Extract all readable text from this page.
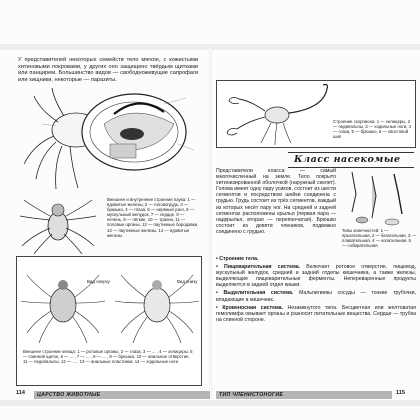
У представителей некоторых семейств тело мягкое, с кожистыми хитиновыми покровами, у других оно защищено твёрдым щитками или панцирем. Большинство видов — свободноживущие сапрофаги или хищники, некоторые — паразиты.

Внешнее и внутреннее строение паука: 1 — ядовитые железы, 2 — головогрудь, 3 — брюшко, 4 — глаза, 5 — нервный узел, 6 — мускульный желудок, 7 — сердце, 8 — печень, 9 — лёгкие, 10 — трахеи, 11 — половые органы, 12 — паутинные бородавки, 13 — паутинные железы, 14 — ядовитые железы

Вид сверху	Вид снизу

Внешнее строение клеща: 1 — ротовые органы, 2 — глаза, 3 — ... , 4 — хелицеры, 5 — спинной щиток, 6 — ... , 7 — ... , 8 — ... , 9 — брюшко, 10 — анальное отверстие, 11 — педипальпы, 12 — ... , 13 — анальные пластинки, 14 — ходильные ноги

114	ЦАРСТВО ЖИВОТНЫЕ

Строение скорпиона: 1 — хелицеры, 2 — педипальпы, 3 — ходильные ноги, 4 — глаза, 5 — брюшко, 6 — хвостовой шип

Класс насекомые

Представители класса — самый многочисленный на земле. Тело покрыто хитинизированной оболочкой (наружный скелет). Голова имеет одну пару усиков, состоит из шести сегментов и посредством шейки соединена с грудью. Грудь состоит из трёх сегментов, каждый из которых несёт пару ног. На средней и задней сегментах расположены крылья (первая пара — надкрылья, вторая — перепончатая). Брюшко состоит из девяти члеников, подвижно соединено с грудью.	Типы конечностей: 1 — прыгательная, 2 — бегательная, 3 — плавательная, 4 — копательная, 5 — собирательная

• Строение тела.

• Пищеварительная система. Включает ротовое отверстие, пищевод, мускульный желудок, средний и задний отделы кишечника, а также железы, выделяющие пищеварительные ферменты. Непереваренные продукты выделяются в задней отдел кишки.

• Выделительная система. Мальпигиевы сосуды — тонкие трубочки, впадающие в кишечник.

• Кровеносная система. Незамкнутого типа. Бесцветная или желтоватая гемолимфа омывает органы и разносит питательные вещества. Сердце — трубка на спинной стороне.

ТИП ЧЛЕНИСТОНОГИЕ	115
